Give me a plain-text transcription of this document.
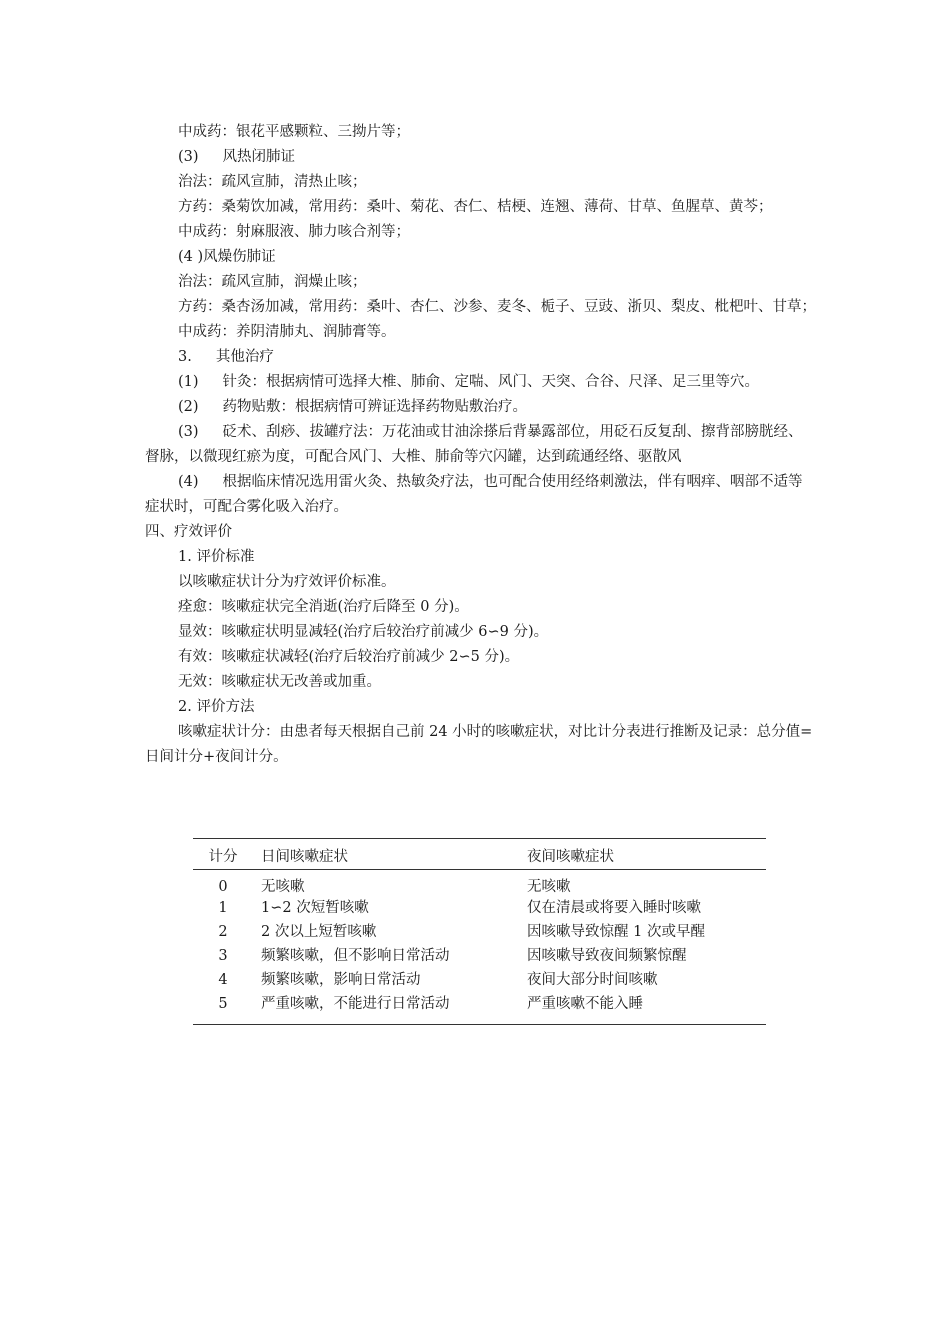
中成药：银花平感颗粒、三拗片等；

(3) 风热闭肺证

治法：疏风宣肺，清热止咳；

方药：桑菊饮加减，常用药：桑叶、菊花、杏仁、桔梗、连翘、薄荷、甘草、鱼腥草、黄芩；

中成药：射麻服液、肺力咳合剂等；

(4 )风燥伤肺证

治法：疏风宣肺，润燥止咳；

方药：桑杏汤加减，常用药：桑叶、杏仁、沙参、麦冬、栀子、豆豉、浙贝、梨皮、枇杷叶、甘草；

中成药：养阴清肺丸、润肺膏等。

3. 其他治疗

(1) 针灸：根据病情可选择大椎、肺俞、定喘、风门、天突、合谷、尺泽、足三里等穴。

(2) 药物贴敷：根据病情可辨证选择药物贴敷治疗。

(3) 砭术、刮痧、拔罐疗法：万花油或甘油涂搽后背暴露部位，用砭石反复刮、擦背部膀胱经、督脉，以微现红瘀为度，可配合风门、大椎、肺俞等穴闪罐，达到疏通经络、驱散风

(4) 根据临床情况选用雷火灸、热敏灸疗法，也可配合使用经络刺激法，伴有咽痒、咽部不适等症状时，可配合雾化吸入治疗。

四、疗效评价

1. 评价标准

以咳嗽症状计分为疗效评价标准。

痊愈：咳嗽症状完全消逝(治疗后降至 0 分)。

显效：咳嗽症状明显减轻(治疗后较治疗前减少 6∽9 分)。

有效：咳嗽症状减轻(治疗后较治疗前减少 2∽5 分)。

无效：咳嗽症状无改善或加重。

2. 评价方法

咳嗽症状计分：由患者每天根据自己前 24 小时的咳嗽症状，对比计分表进行推断及记录：总分值=日间计分+夜间计分。

计分	日间咳嗽症状	夜间咳嗽症状
0	无咳嗽	无咳嗽
1	1∽2 次短暂咳嗽	仅在清晨或将要入睡时咳嗽
2	2 次以上短暂咳嗽	因咳嗽导致惊醒 1 次或早醒
3	频繁咳嗽，但不影响日常活动	因咳嗽导致夜间频繁惊醒
4	频繁咳嗽，影响日常活动	夜间大部分时间咳嗽
5	严重咳嗽，不能进行日常活动	严重咳嗽不能入睡
